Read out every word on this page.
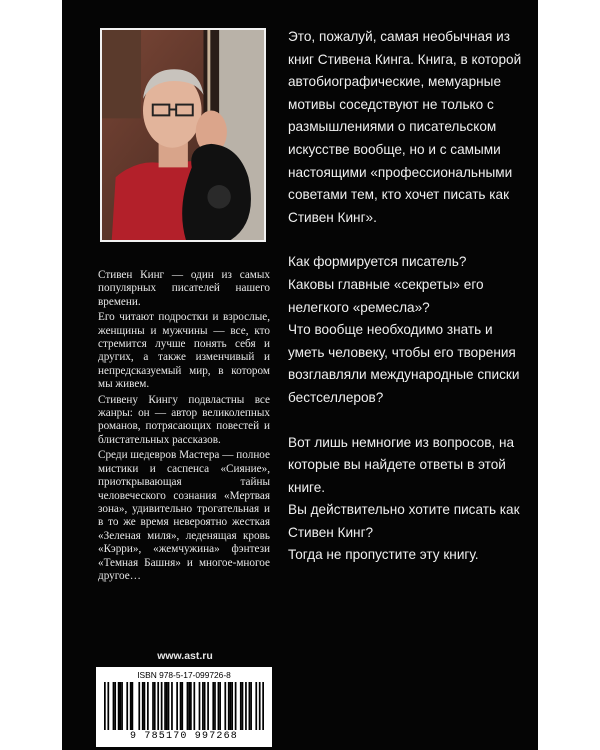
Стивен Кинг — один из самых популярных писателей нашего времени.

Его читают подростки и взрослые, женщины и мужчины — все, кто стремится лучше понять себя и других, а также изменчивый и непредсказуемый мир, в котором мы живем.

Стивену Кингу подвластны все жанры: он — автор великолепных романов, потрясающих повестей и блистательных рассказов.

Среди шедевров Мастера — полное мистики и саспенса «Сияние», приоткрывающая тайны человеческого сознания «Мертвая зона», удивительно трогательная и в то же время невероятно жесткая «Зеленая миля», леденящая кровь «Кэрри», «жемчужина» фэнтези «Темная Башня» и многое-многое другое…

Это, пожалуй, самая необычная из книг Стивена Кинга. Книга, в которой автобиографические, мемуарные мотивы соседствуют не только с размышлениями о писательском искусстве вообще, но и с самыми настоящими «профессиональными советами тем, кто хочет писать как Стивен Кинг».

Как формируется писатель?

Каковы главные «секреты» его нелегкого «ремесла»?

Что вообще необходимо знать и уметь человеку, чтобы его творения возглавляли международные списки бестселлеров?

Вот лишь немногие из вопросов, на которые вы найдете ответы в этой книге.

Вы действительно хотите писать как Стивен Кинг?

Тогда не пропустите эту книгу.

www.ast.ru
ISBN 978-5-17-099726-8
9 785170 997268
